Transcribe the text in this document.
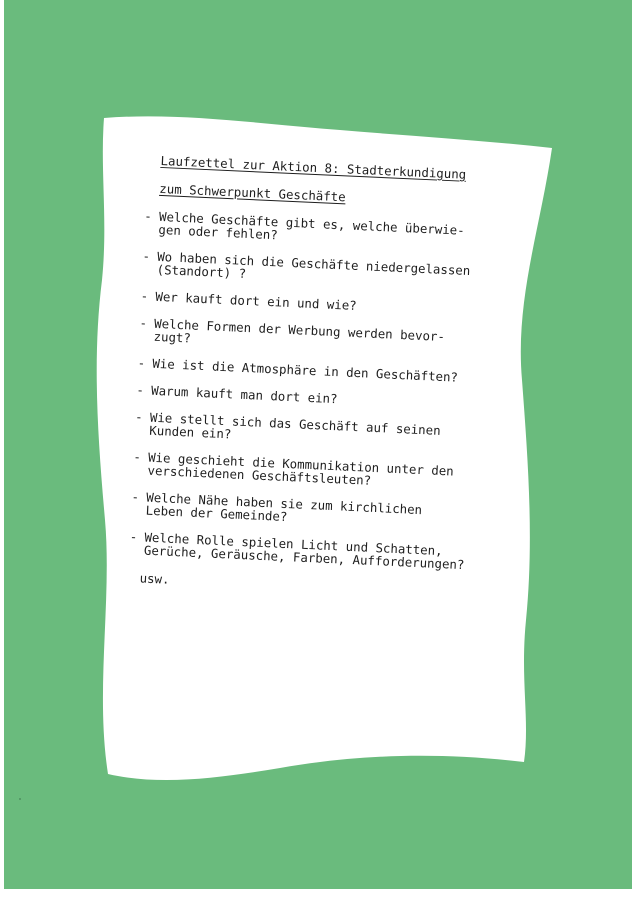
Laufzettel zur Aktion 8: Stadterkundigung
zum Schwerpunkt Geschäfte
- Welche Geschäfte gibt es, welche überwie-
gen oder fehlen?
- Wo haben sich die Geschäfte niedergelassen
(Standort) ?
- Wer kauft dort ein und wie?
- Welche Formen der Werbung werden bevor-
zugt?
- Wie ist die Atmosphäre in den Geschäften?
- Warum kauft man dort ein?
- Wie stellt sich das Geschäft auf seinen
Kunden ein?
- Wie geschieht die Kommunikation unter den
verschiedenen Geschäftsleuten?
- Welche Nähe haben sie zum kirchlichen
Leben der Gemeinde?
- Welche Rolle spielen Licht und Schatten,
Gerüche, Geräusche, Farben, Aufforderungen?
usw.
